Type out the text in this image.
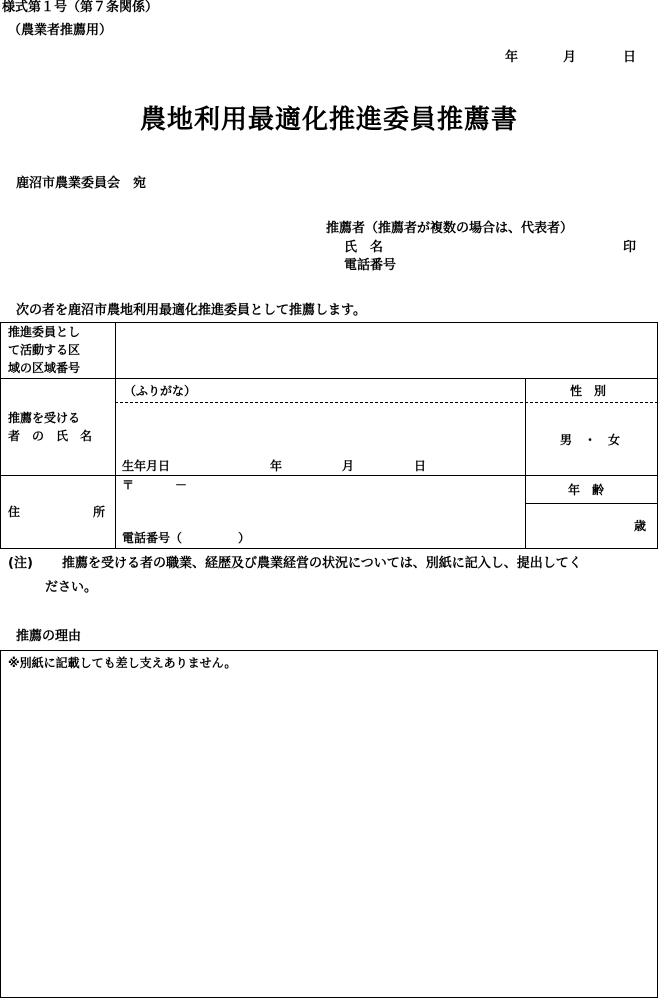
様式第１号（第７条関係）
（農業者推薦用）
年	月	日
農地利用最適化推進委員推薦書
鹿沼市農業委員会　宛
推薦者（推薦者が複数の場合は、代表者）
氏　名	印
電話番号
次の者を鹿沼市農地利用最適化推進委員として推薦します。
推進委員とし
て活動する区
域の区域番号
（ふりがな）	性　別
推薦を受ける
者　の　氏　名	男　・　女
生年月日	年	月	日
住	所
〒	－
電話番号（	）
年　齢
歳
(注) 推薦を受ける者の職業、経歴及び農業経営の状況については、別紙に記入し、提出してく
ださい。
推薦の理由
※別紙に記載しても差し支えありません。
